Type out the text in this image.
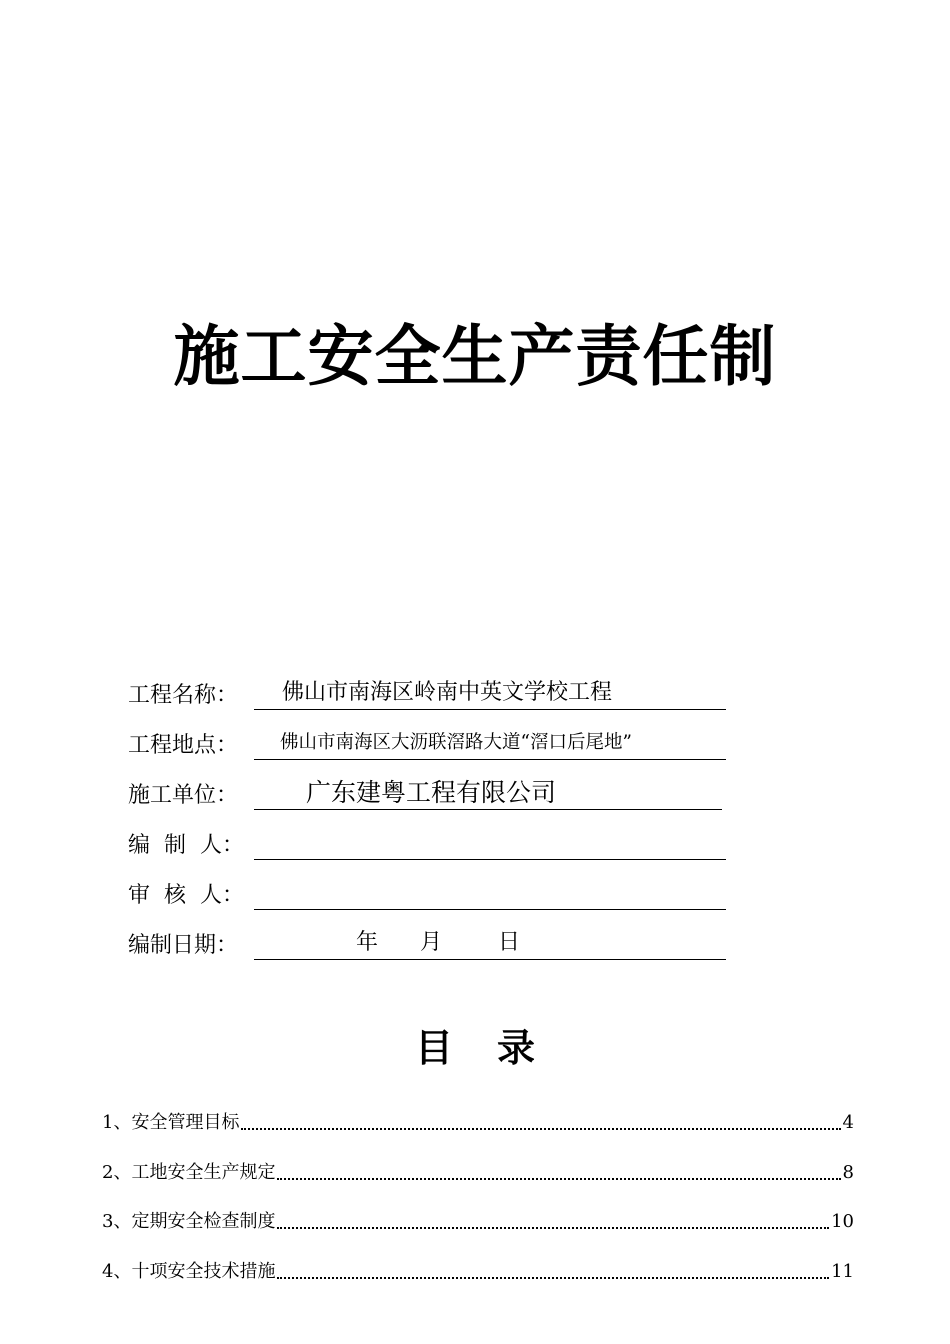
施工安全生产责任制
工程名称： 佛山市南海区岭南中英文学校工程
工程地点： 佛山市南海区大沥联滘路大道“滘口后尾地”
施工单位：	广东建粤工程有限公司
编  制  人：
审  核  人：
编制日期：	年 月	日
目 录
1、安全管理目标	4
2、工地安全生产规定	8
3、定期安全检查制度	10
4、十项安全技术措施	11
